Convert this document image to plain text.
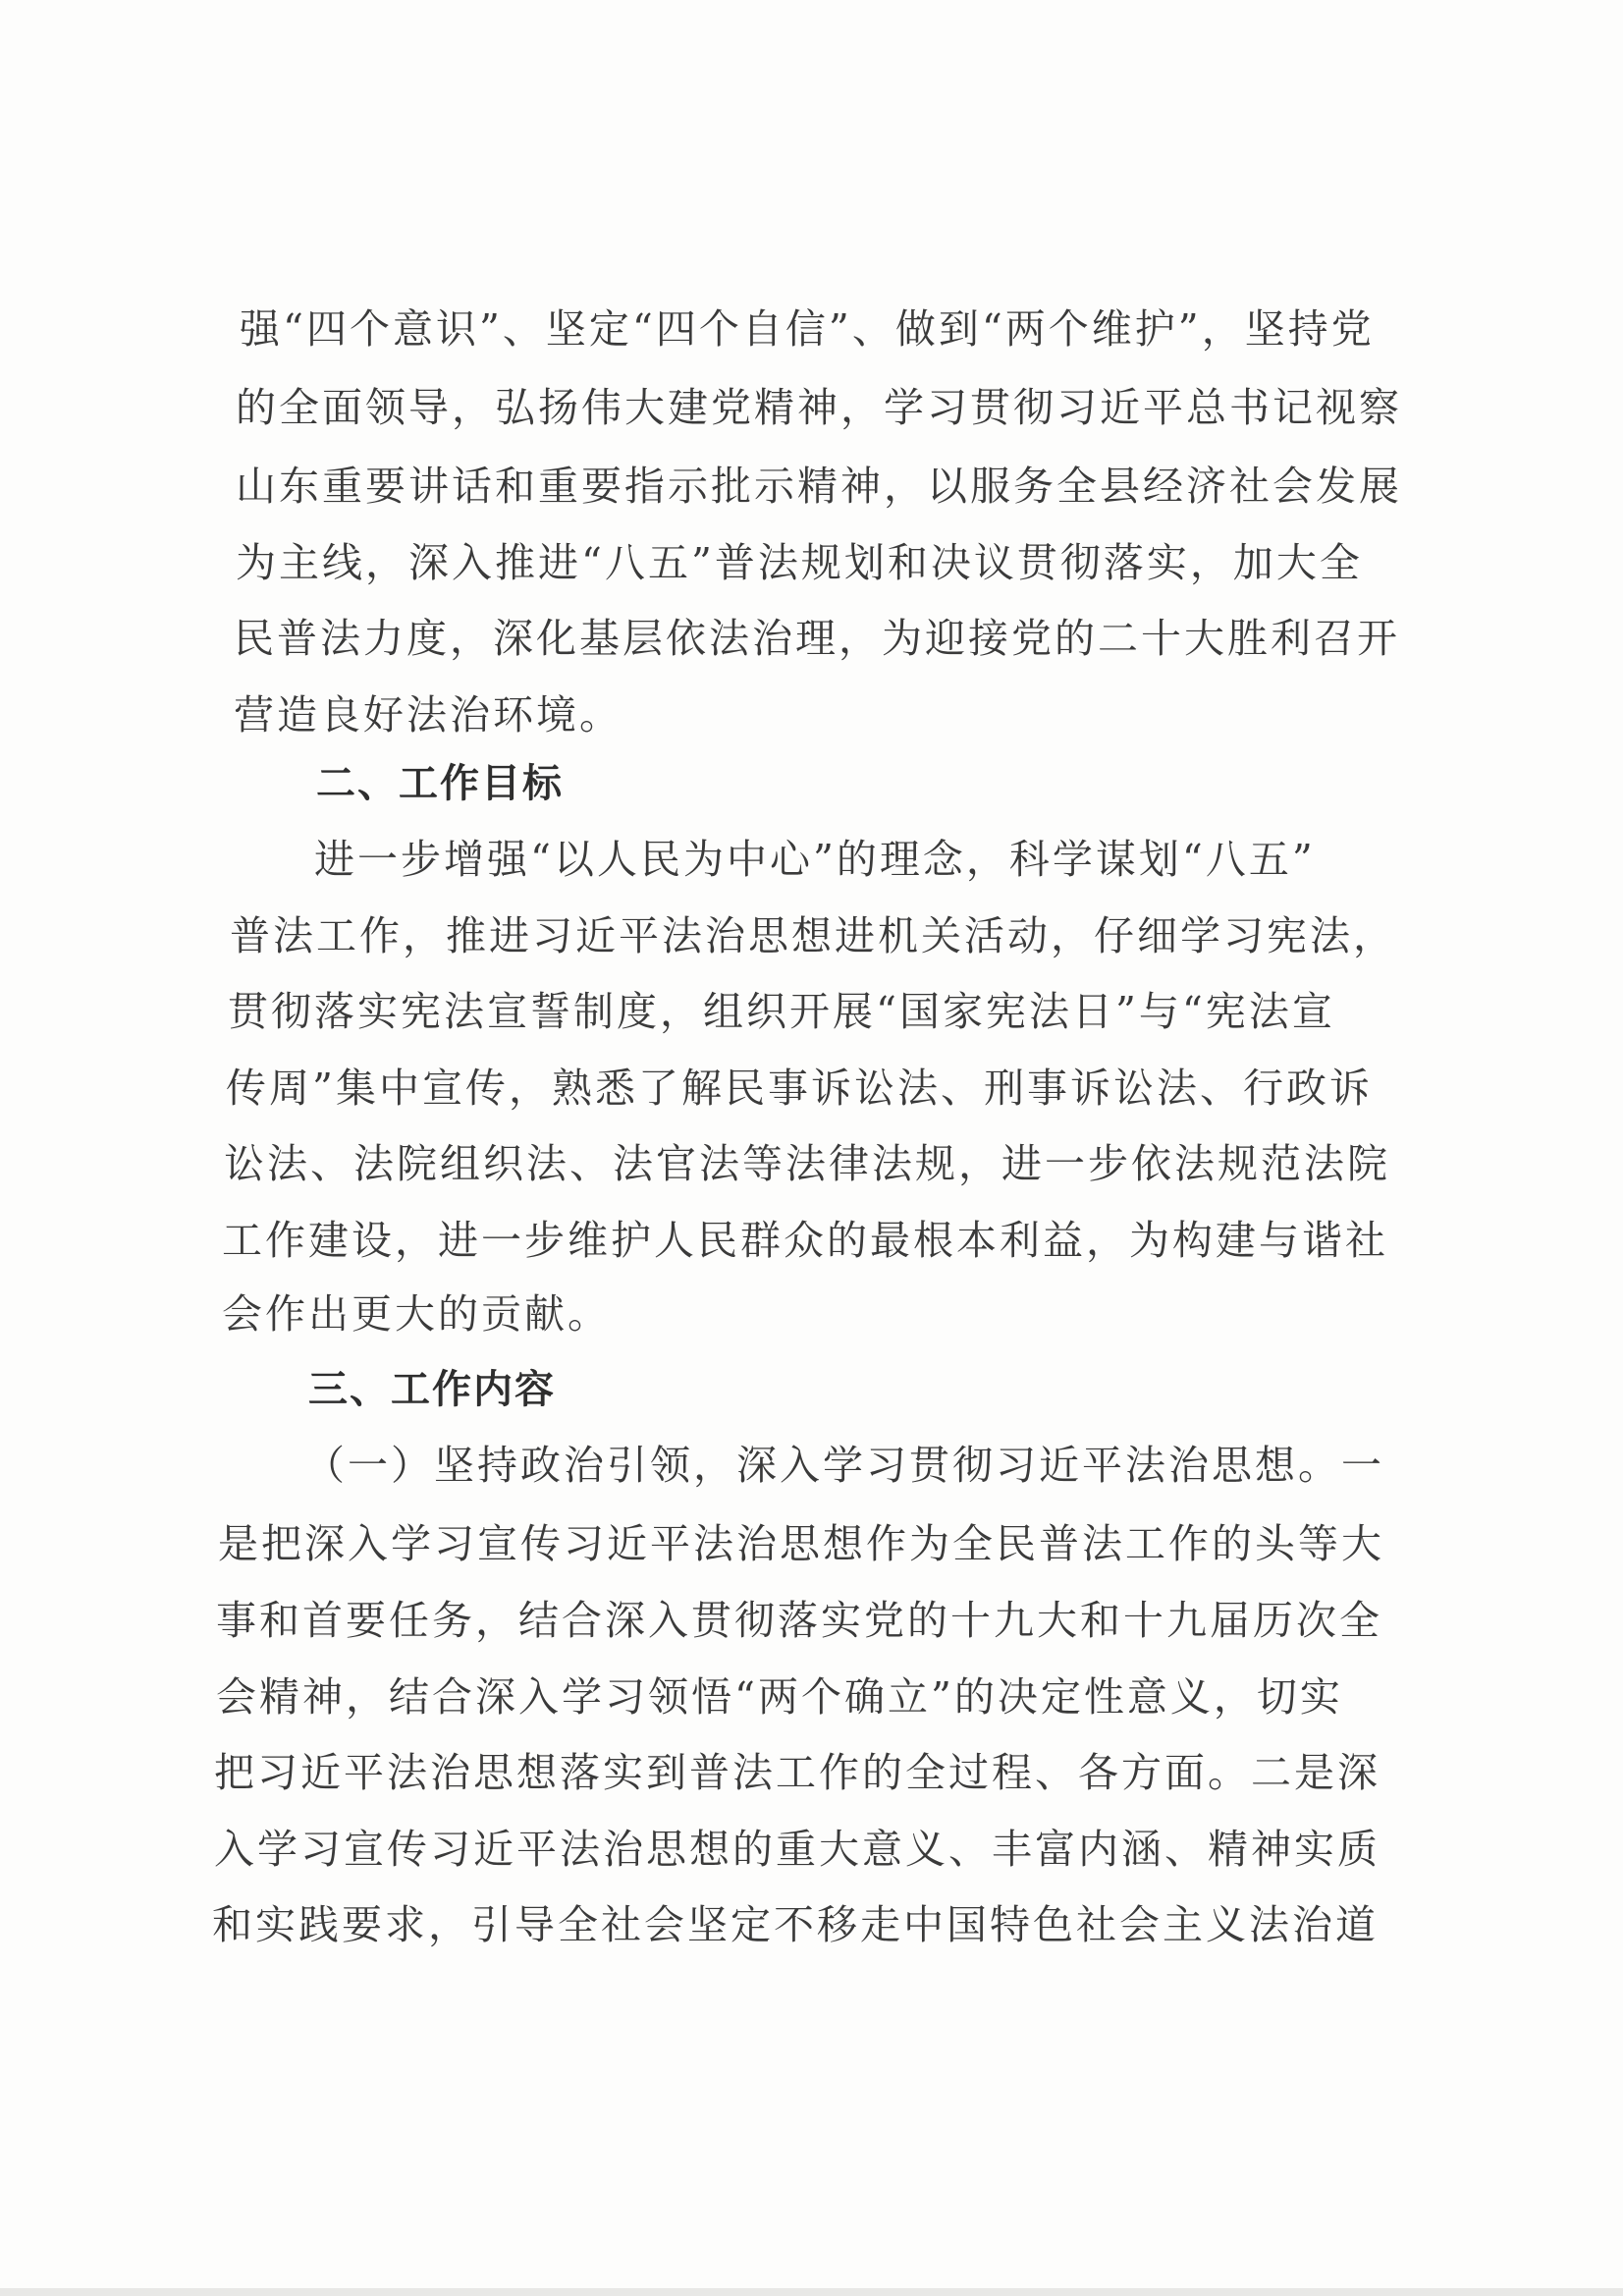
强“四个意识”、坚定“四个自信”、做到“两个维护”，坚持党
的全面领导，弘扬伟大建党精神，学习贯彻习近平总书记视察
山东重要讲话和重要指示批示精神，以服务全县经济社会发展
为主线，深入推进“八五”普法规划和决议贯彻落实，加大全
民普法力度，深化基层依法治理，为迎接党的二十大胜利召开
营造良好法治环境。
二、工作目标
进一步增强“以人民为中心”的理念，科学谋划“八五”
普法工作，推进习近平法治思想进机关活动，仔细学习宪法，
贯彻落实宪法宣誓制度，组织开展“国家宪法日”与“宪法宣
传周”集中宣传，熟悉了解民事诉讼法、刑事诉讼法、行政诉
讼法、法院组织法、法官法等法律法规，进一步依法规范法院
工作建设，进一步维护人民群众的最根本利益，为构建与谐社
会作出更大的贡献。
三、工作内容
（一）坚持政治引领，深入学习贯彻习近平法治思想。一
是把深入学习宣传习近平法治思想作为全民普法工作的头等大
事和首要任务，结合深入贯彻落实党的十九大和十九届历次全
会精神，结合深入学习领悟“两个确立”的决定性意义，切实
把习近平法治思想落实到普法工作的全过程、各方面。二是深
入学习宣传习近平法治思想的重大意义、丰富内涵、精神实质
和实践要求，引导全社会坚定不移走中国特色社会主义法治道
